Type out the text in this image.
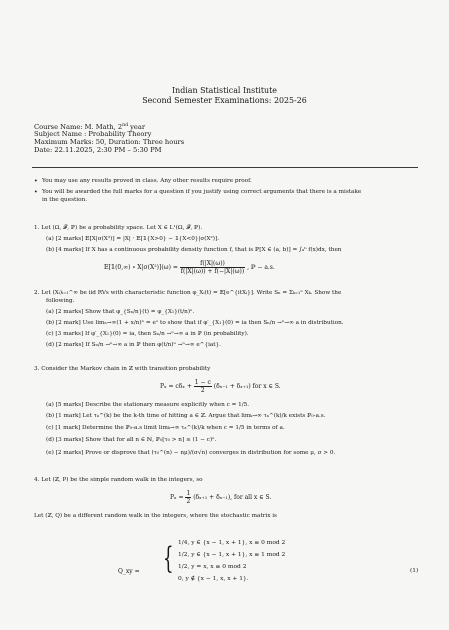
Indian Statistical Institute
Second Semester Examinations: 2025-26
Course Name: M. Math, 2nd year
Subject Name : Probability Theory
Maximum Marks: 50, Duration: Three hours
Date: 22.11.2025, 2:30 PM – 5:30 PM
• You may use any results proved in class. Any other results require proof.
• You will be awarded the full marks for a question if you justify using correct arguments that there is a mistake
in the question.
1. Let (Ω, 𝓕, ℙ) be a probability space. Let X ∈ L¹(Ω, 𝓕, ℙ).
(a) [2 marks] 𝔼[X|σ(X²)] = |X| · 𝔼[𝟙{X>0} − 𝟙{X<0}|σ(X²)].
(b) [4 marks] If X has a continuous probability density function f, that is ℙ[X ∈ (a, b)] = ∫ₐᵇ f(x)dx, then
𝔼[𝟙(0,∞) ∘ $X|\sigma(X^2)](\omega) = \frac{f(|X|(\omega))}{f(|X|(\omega)) + f(-|X|(\omega))}$ , ℙ − a.s.
2. Let (Xᵢ)ᵢ₌₁^∞ be iid RVs with characteristic function φ_Xᵢ(t) = 𝔼[e^{itXᵢ}]. Write Sₙ = Σₖ₌₁ⁿ Xₖ. Show the
following.
(a) [2 marks] Show that φ_{Sₙ/n}(t) = φ_{X₁}(t/n)ⁿ.
(b) [2 mark] Use limₙ→∞(1 + x/n)ⁿ = eˣ to show that if φ′_{X₁}(0) = ia then Sₙ/n →ⁿ→∞ a in distribution.
(c) [3 marks] If φ′_{X₁}(0) = ia, then Sₙ/n →ⁿ→∞ a in ℙ (in probability).
(d) [2 marks] If Sₙ/n →ⁿ→∞ a in ℙ then φ(t/n)ⁿ →ⁿ→∞ e^{iat}.
3. Consider the Markov chain in ℤ with transition probability
$P_x = c\delta_x + \frac{1 - c}{2} (\delta_{x-1} + \delta_{x+1})$ for x ∈ S.
(a) [5 marks] Describe the stationary measure explicitly when c = 1/5.
(b) [1 mark] Let τₐ^(k) be the k-th time of hitting a ∈ ℤ. Argue that limₖ→∞ τₐ^(k)/k exists ℙ₀-a.s.
(c) [1 mark] Determine the ℙ₀-a.s limit limₖ→∞ τₐ^(k)/k when c = 1/5 in terms of a.
(d) [3 marks] Show that for all n ∈ ℕ, ℙ₀[τ₀ > n] ≤ (1 − c)ⁿ.
(e) [2 marks] Prove or disprove that (τ₀^(n) − nμ)/(σ√n) converges in distribution for some μ, σ > 0.
4. Let (ℤ, P) be the simple random walk in the integers, so
$P_x = \frac{1}{2} (\delta_{x+1} + \delta_{x-1})$, for all x ∈ S.
Let (ℤ, Q) be a different random walk in the integers, where the stochastic matrix is
Q_xy = { 1/4, y ∈ {x − 1, x + 1}, x ≡ 0 mod 2
1/2, y ∈ {x − 1, x + 1}, x ≡ 1 mod 2
1/2, y = x, x ≡ 0 mod 2
0, y ∉ {x − 1, x, x + 1}.
(1)
